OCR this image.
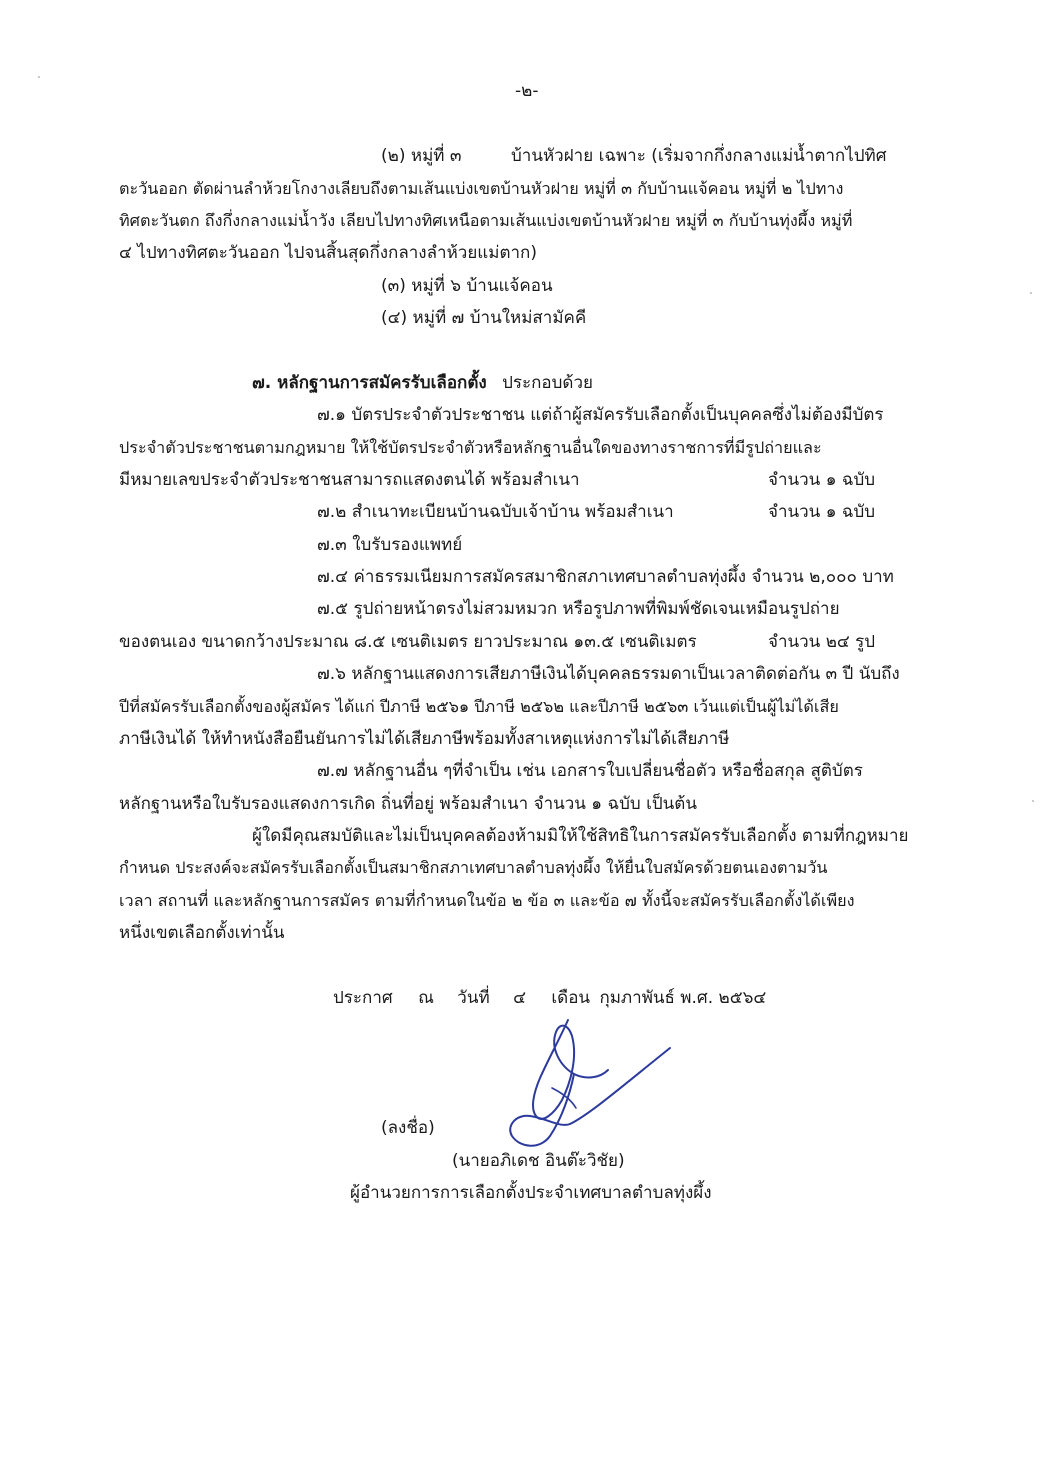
-๒-
(๒) หมู่ที่ ๓	บ้านหัวฝาย เฉพาะ (เริ่มจากกึ่งกลางแม่น้ำตากไปทิศ
ตะวันออก ตัดผ่านลำห้วยโกงางเลียบถึงตามเส้นแบ่งเขตบ้านหัวฝาย หมู่ที่ ๓ กับบ้านแจ้คอน หมู่ที่ ๒ ไปทาง
ทิศตะวันตก ถึงกึ่งกลางแม่น้ำวัง เลียบไปทางทิศเหนือตามเส้นแบ่งเขตบ้านหัวฝาย หมู่ที่ ๓ กับบ้านทุ่งผึ้ง หมู่ที่
๔ ไปทางทิศตะวันออก ไปจนสิ้นสุดกึ่งกลางลำห้วยแม่ตาก)
(๓) หมู่ที่ ๖ บ้านแจ้คอน
(๔) หมู่ที่ ๗ บ้านใหม่สามัคคี
๗. หลักฐานการสมัครรับเลือกตั้ง ประกอบด้วย
๗.๑ บัตรประจำตัวประชาชน แต่ถ้าผู้สมัครรับเลือกตั้งเป็นบุคคลซึ่งไม่ต้องมีบัตร
ประจำตัวประชาชนตามกฎหมาย ให้ใช้บัตรประจำตัวหรือหลักฐานอื่นใดของทางราชการที่มีรูปถ่ายและ
มีหมายเลขประจำตัวประชาชนสามารถแสดงตนได้ พร้อมสำเนา	จำนวน ๑ ฉบับ
๗.๒ สำเนาทะเบียนบ้านฉบับเจ้าบ้าน พร้อมสำเนา	จำนวน ๑ ฉบับ
๗.๓ ใบรับรองแพทย์
๗.๔ ค่าธรรมเนียมการสมัครสมาชิกสภาเทศบาลตำบลทุ่งผึ้ง จำนวน ๒,๐๐๐ บาท
๗.๕ รูปถ่ายหน้าตรงไม่สวมหมวก หรือรูปภาพที่พิมพ์ชัดเจนเหมือนรูปถ่าย
ของตนเอง ขนาดกว้างประมาณ ๘.๕ เซนติเมตร ยาวประมาณ ๑๓.๕ เซนติเมตร	จำนวน ๒๔ รูป
๗.๖ หลักฐานแสดงการเสียภาษีเงินได้บุคคลธรรมดาเป็นเวลาติดต่อกัน ๓ ปี นับถึง
ปีที่สมัครรับเลือกตั้งของผู้สมัคร ได้แก่ ปีภาษี ๒๕๖๑ ปีภาษี ๒๕๖๒ และปีภาษี ๒๕๖๓ เว้นแต่เป็นผู้ไม่ได้เสีย
ภาษีเงินได้ ให้ทำหนังสือยืนยันการไม่ได้เสียภาษีพร้อมทั้งสาเหตุแห่งการไม่ได้เสียภาษี
๗.๗ หลักฐานอื่น ๆที่จำเป็น เช่น เอกสารใบเปลี่ยนชื่อตัว หรือชื่อสกุล สูติบัตร
หลักฐานหรือใบรับรองแสดงการเกิด ถิ่นที่อยู่ พร้อมสำเนา จำนวน ๑ ฉบับ เป็นต้น
ผู้ใดมีคุณสมบัติและไม่เป็นบุคคลต้องห้ามมิให้ใช้สิทธิในการสมัครรับเลือกตั้ง ตามที่กฎหมาย
กำหนด ประสงค์จะสมัครรับเลือกตั้งเป็นสมาชิกสภาเทศบาลตำบลทุ่งผึ้ง ให้ยื่นใบสมัครด้วยตนเองตามวัน
เวลา สถานที่ และหลักฐานการสมัคร ตามที่กำหนดในข้อ ๒ ข้อ ๓ และข้อ ๗ ทั้งนี้จะสมัครรับเลือกตั้งได้เพียง
หนึ่งเขตเลือกตั้งเท่านั้น
ประกาศ ณ วันที่ ๔ เดือน กุมภาพันธ์ พ.ศ. ๒๕๖๔
(ลงชื่อ)
(นายอภิเดช อินต๊ะวิชัย)
ผู้อำนวยการการเลือกตั้งประจำเทศบาลตำบลทุ่งผึ้ง
